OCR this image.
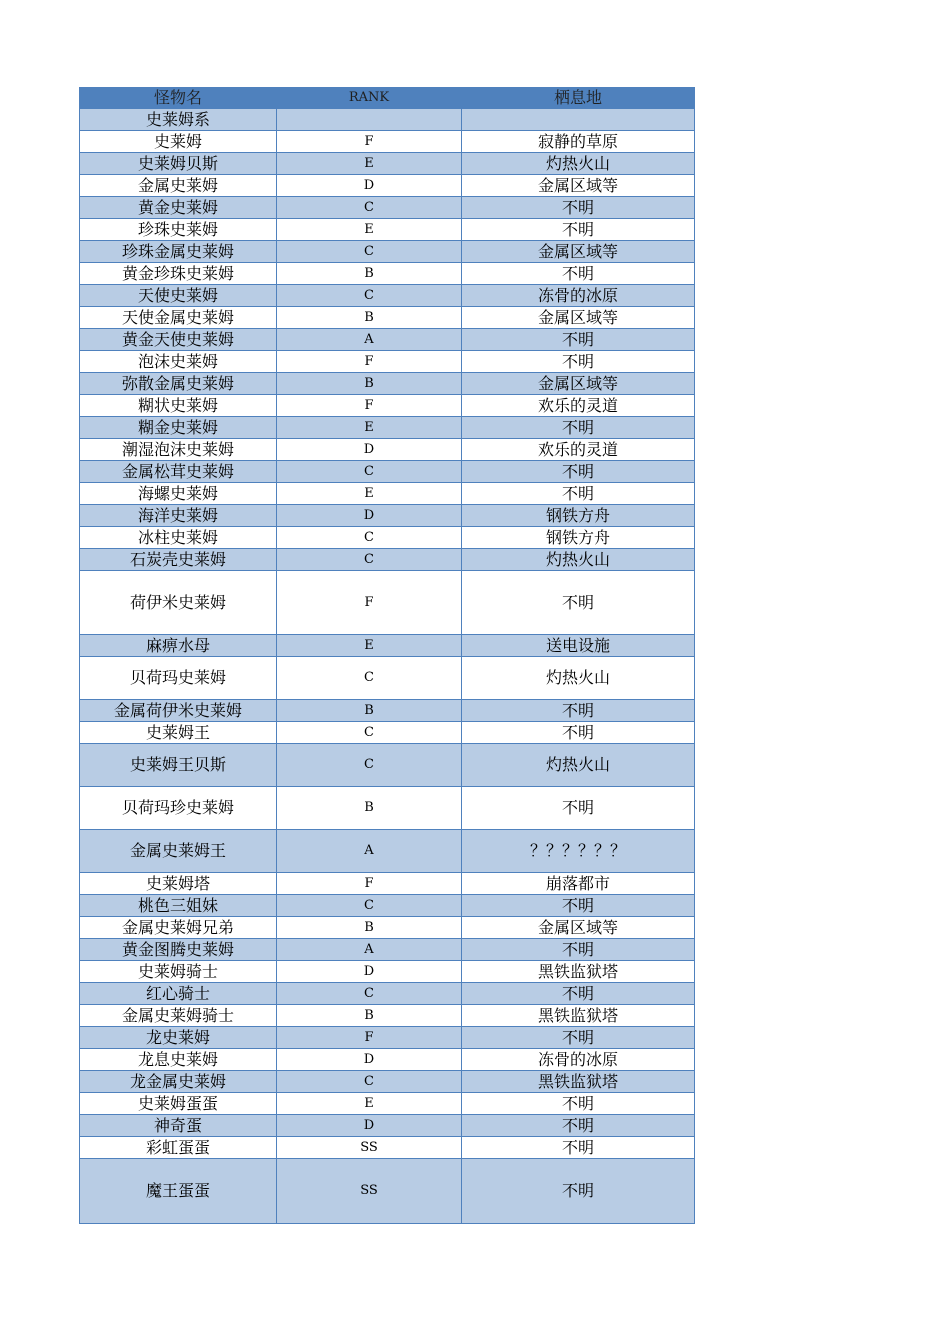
怪物名	RANK	栖息地
史莱姆系		
史莱姆	F	寂静的草原
史莱姆贝斯	E	灼热火山
金属史莱姆	D	金属区域等
黄金史莱姆	C	不明
珍珠史莱姆	E	不明
珍珠金属史莱姆	C	金属区域等
黄金珍珠史莱姆	B	不明
天使史莱姆	C	冻骨的冰原
天使金属史莱姆	B	金属区域等
黄金天使史莱姆	A	不明
泡沫史莱姆	F	不明
弥散金属史莱姆	B	金属区域等
糊状史莱姆	F	欢乐的灵道
糊金史莱姆	E	不明
潮湿泡沫史莱姆	D	欢乐的灵道
金属松茸史莱姆	C	不明
海螺史莱姆	E	不明
海洋史莱姆	D	钢铁方舟
冰柱史莱姆	C	钢铁方舟
石炭壳史莱姆	C	灼热火山
荷伊米史莱姆	F	不明
麻痹水母	E	送电设施
贝荷玛史莱姆	C	灼热火山
金属荷伊米史莱姆	B	不明
史莱姆王	C	不明
史莱姆王贝斯	C	灼热火山
贝荷玛珍史莱姆	B	不明
金属史莱姆王	A	？？？？？？
史莱姆塔	F	崩落都市
桃色三姐妹	C	不明
金属史莱姆兄弟	B	金属区域等
黄金图腾史莱姆	A	不明
史莱姆骑士	D	黑铁监狱塔
红心骑士	C	不明
金属史莱姆骑士	B	黑铁监狱塔
龙史莱姆	F	不明
龙息史莱姆	D	冻骨的冰原
龙金属史莱姆	C	黑铁监狱塔
史莱姆蛋蛋	E	不明
神奇蛋	D	不明
彩虹蛋蛋	SS	不明
魔王蛋蛋	SS	不明
